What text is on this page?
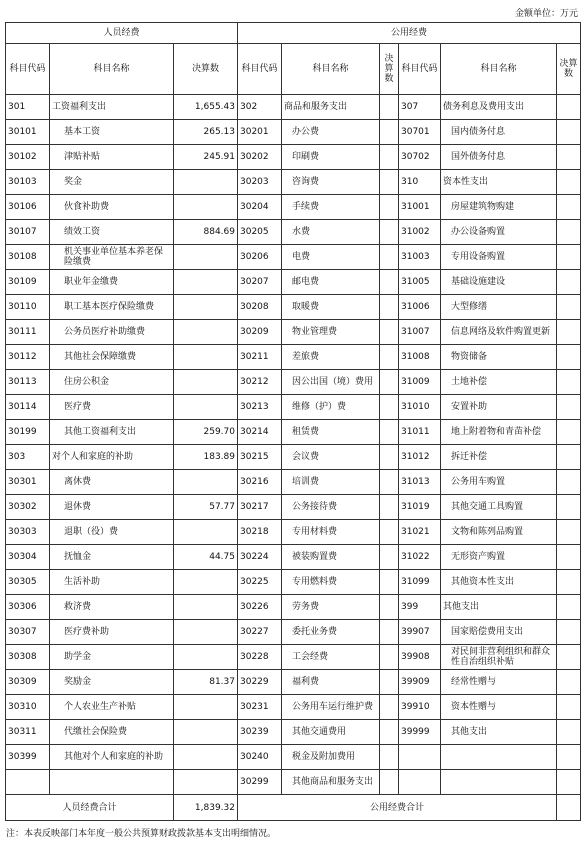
金额单位：万元
人员经费			公用经费					
科目代码	科目名称	决算数	科目代码	科目名称	决算数	科目代码	科目名称	决算数
301	工资福利支出	1,655.43	302	商品和服务支出		307	债务利息及费用支出	
30101	基本工资	265.13	30201	办公费		30701	国内债务付息	
30102	津贴补贴	245.91	30202	印刷费		30702	国外债务付息	
30103	奖金		30203	咨询费		310	资本性支出	
30106	伙食补助费		30204	手续费		31001	房屋建筑物购建	
30107	绩效工资	884.69	30205	水费		31002	办公设备购置	
30108	机关事业单位基本养老保险缴费		30206	电费		31003	专用设备购置	
30109	职业年金缴费		30207	邮电费		31005	基础设施建设	
30110	职工基本医疗保险缴费		30208	取暖费		31006	大型修缮	
30111	公务员医疗补助缴费		30209	物业管理费		31007	信息网络及软件购置更新	
30112	其他社会保障缴费		30211	差旅费		31008	物资储备	
30113	住房公积金		30212	因公出国（境）费用		31009	土地补偿	
30114	医疗费		30213	维修（护）费		31010	安置补助	
30199	其他工资福利支出	259.70	30214	租赁费		31011	地上附着物和青苗补偿	
303	对个人和家庭的补助	183.89	30215	会议费		31012	拆迁补偿	
30301	离休费		30216	培训费		31013	公务用车购置	
30302	退休费	57.77	30217	公务接待费		31019	其他交通工具购置	
30303	退职（役）费		30218	专用材料费		31021	文物和陈列品购置	
30304	抚恤金	44.75	30224	被装购置费		31022	无形资产购置	
30305	生活补助		30225	专用燃料费		31099	其他资本性支出	
30306	救济费		30226	劳务费		399	其他支出	
30307	医疗费补助		30227	委托业务费		39907	国家赔偿费用支出	
30308	助学金		30228	工会经费		39908	对民间非营利组织和群众性自治组织补贴	
30309	奖励金	81.37	30229	福利费		39909	经常性赠与	
30310	个人农业生产补贴		30231	公务用车运行维护费		39910	资本性赠与	
30311	代缴社会保险费		30239	其他交通费用		39999	其他支出	
30399	其他对个人和家庭的补助		30240	税金及附加费用				
			30299	其他商品和服务支出				
人员经费合计		1,839.32	公用经费合计					
注：本表反映部门本年度一般公共预算财政拨款基本支出明细情况。
